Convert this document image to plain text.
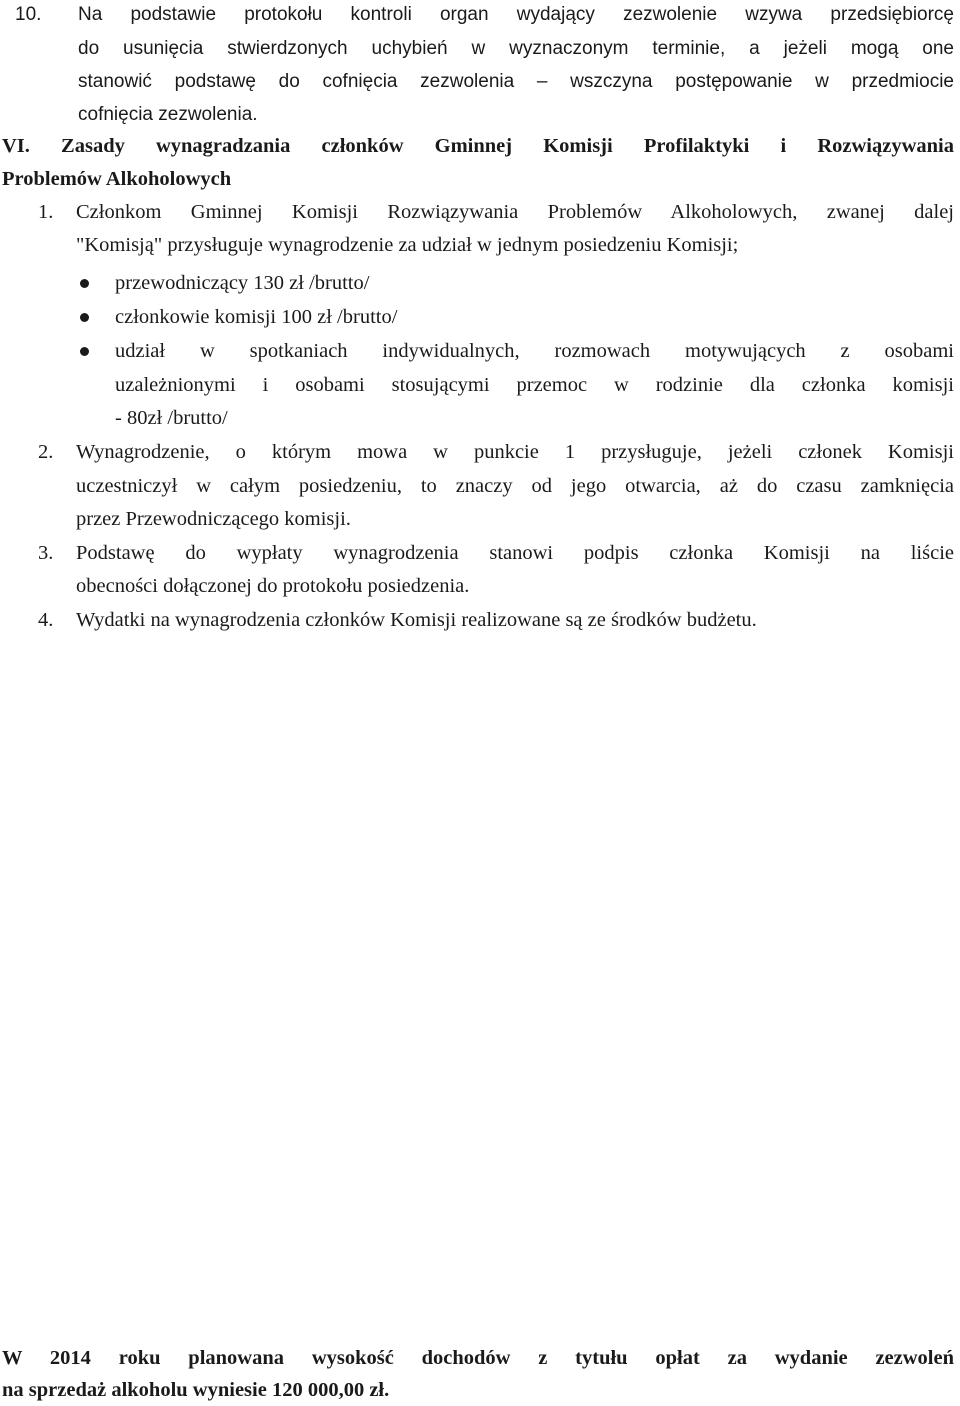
10. Na podstawie protokołu kontroli organ wydający zezwolenie wzywa przedsiębiorcę
do usunięcia stwierdzonych uchybień w wyznaczonym terminie, a jeżeli mogą one
stanowić podstawę do cofnięcia zezwolenia – wszczyna postępowanie w przedmiocie
cofnięcia zezwolenia.
VI. Zasady wynagradzania członków Gminnej Komisji Profilaktyki i Rozwiązywania
Problemów Alkoholowych
1. Członkom Gminnej Komisji Rozwiązywania Problemów Alkoholowych, zwanej dalej
"Komisją" przysługuje wynagrodzenie za udział w jednym posiedzeniu Komisji;
przewodniczący 130 zł /brutto/
członkowie komisji 100 zł /brutto/
udział w spotkaniach indywidualnych, rozmowach motywujących z osobami
uzależnionymi i osobami stosującymi przemoc w rodzinie dla członka komisji
- 80zł /brutto/
2. Wynagrodzenie, o którym mowa w punkcie 1 przysługuje, jeżeli członek Komisji
uczestniczył w całym posiedzeniu, to znaczy od jego otwarcia, aż do czasu zamknięcia
przez Przewodniczącego komisji.
3. Podstawę do wypłaty wynagrodzenia stanowi podpis członka Komisji na liście
obecności dołączonej do protokołu posiedzenia.
4. Wydatki na wynagrodzenia członków Komisji realizowane są ze środków budżetu.
W 2014 roku planowana wysokość dochodów z tytułu opłat za wydanie zezwoleń
na sprzedaż alkoholu wyniesie 120 000,00 zł.
